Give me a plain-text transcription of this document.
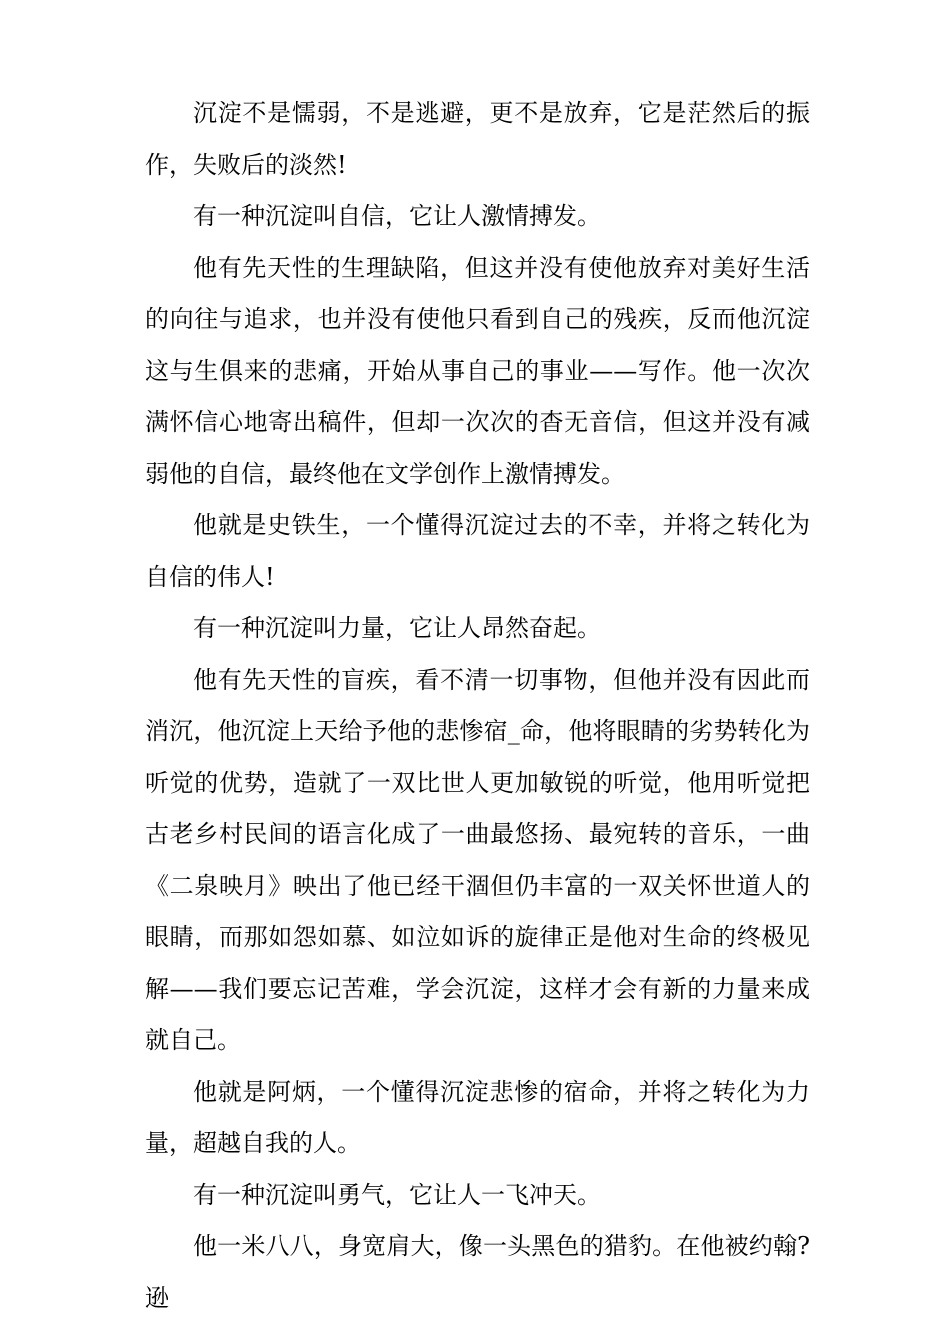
沉淀不是懦弱，不是逃避，更不是放弃，它是茫然后的振作，失败后的淡然!

有一种沉淀叫自信，它让人激情搏发。

他有先天性的生理缺陷，但这并没有使他放弃对美好生活的向往与追求，也并没有使他只看到自己的残疾，反而他沉淀这与生俱来的悲痛，开始从事自己的事业——写作。他一次次满怀信心地寄出稿件，但却一次次的杳无音信，但这并没有减弱他的自信，最终他在文学创作上激情搏发。

他就是史铁生，一个懂得沉淀过去的不幸，并将之转化为自信的伟人!

有一种沉淀叫力量，它让人昂然奋起。

他有先天性的盲疾，看不清一切事物，但他并没有因此而消沉，他沉淀上天给予他的悲惨宿_命，他将眼睛的劣势转化为听觉的优势，造就了一双比世人更加敏锐的听觉，他用听觉把古老乡村民间的语言化成了一曲最悠扬、最宛转的音乐，一曲《二泉映月》映出了他已经干涸但仍丰富的一双关怀世道人的眼睛，而那如怨如慕、如泣如诉的旋律正是他对生命的终极见解——我们要忘记苦难，学会沉淀，这样才会有新的力量来成就自己。

他就是阿炳，一个懂得沉淀悲惨的宿命，并将之转化为力量，超越自我的人。

有一种沉淀叫勇气，它让人一飞冲天。

他一米八八，身宽肩大，像一头黑色的猎豹。在他被约翰?逊
